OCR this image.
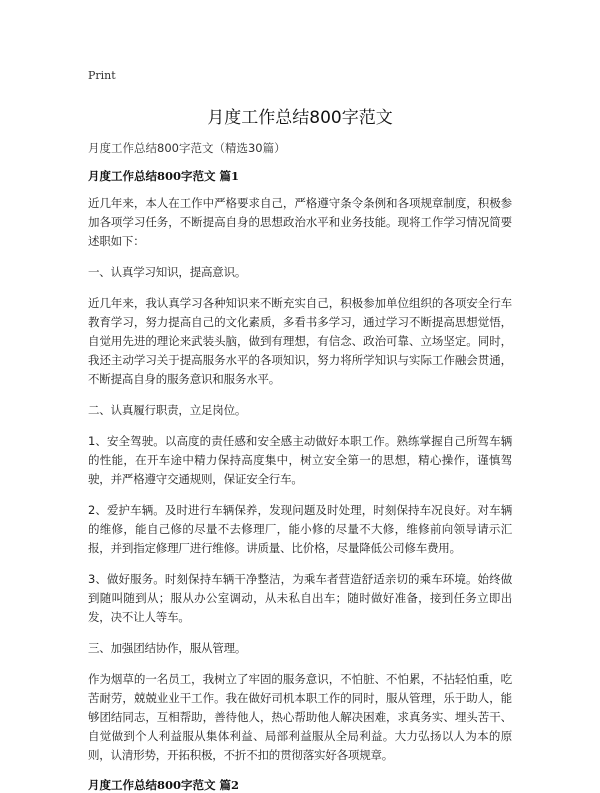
Print
月度工作总结800字范文
月度工作总结800字范文（精选30篇）
月度工作总结800字范文 篇1

近几年来，本人在工作中严格要求自己，严格遵守条令条例和各项规章制度，积极参加各项学习任务，不断提高自身的思想政治水平和业务技能。现将工作学习情况简要述职如下：

一、认真学习知识，提高意识。

近几年来，我认真学习各种知识来不断充实自己，积极参加单位组织的各项安全行车教育学习，努力提高自己的文化素质，多看书多学习，通过学习不断提高思想觉悟，自觉用先进的理论来武装头脑，做到有理想，有信念、政治可靠、立场坚定。同时，我还主动学习关于提高服务水平的各项知识，努力将所学知识与实际工作融会贯通，不断提高自身的服务意识和服务水平。

二、认真履行职责，立足岗位。

1、安全驾驶。以高度的责任感和安全感主动做好本职工作。熟练掌握自己所驾车辆的性能，在开车途中精力保持高度集中，树立安全第一的思想，精心操作，谨慎驾驶，并严格遵守交通规则，保证安全行车。

2、爱护车辆。及时进行车辆保养，发现问题及时处理，时刻保持车况良好。对车辆的维修，能自己修的尽量不去修理厂，能小修的尽量不大修，维修前向领导请示汇报，并到指定修理厂进行维修。讲质量、比价格，尽量降低公司修车费用。

3、做好服务。时刻保持车辆干净整洁，为乘车者营造舒适亲切的乘车环境。始终做到随叫随到从；服从办公室调动，从未私自出车；随时做好准备，接到任务立即出发，决不让人等车。

三、加强团结协作，服从管理。

作为烟草的一名员工，我树立了牢固的服务意识，不怕脏、不怕累，不拈轻怕重，吃苦耐劳，兢兢业业干工作。我在做好司机本职工作的同时，服从管理，乐于助人，能够团结同志，互相帮助，善待他人，热心帮助他人解决困难，求真务实、埋头苦干、自觉做到个人利益服从集体利益、局部利益服从全局利益。大力弘扬以人为本的原则，认清形势，开拓积极，不折不扣的贯彻落实好各项规章。

月度工作总结800字范文 篇2
